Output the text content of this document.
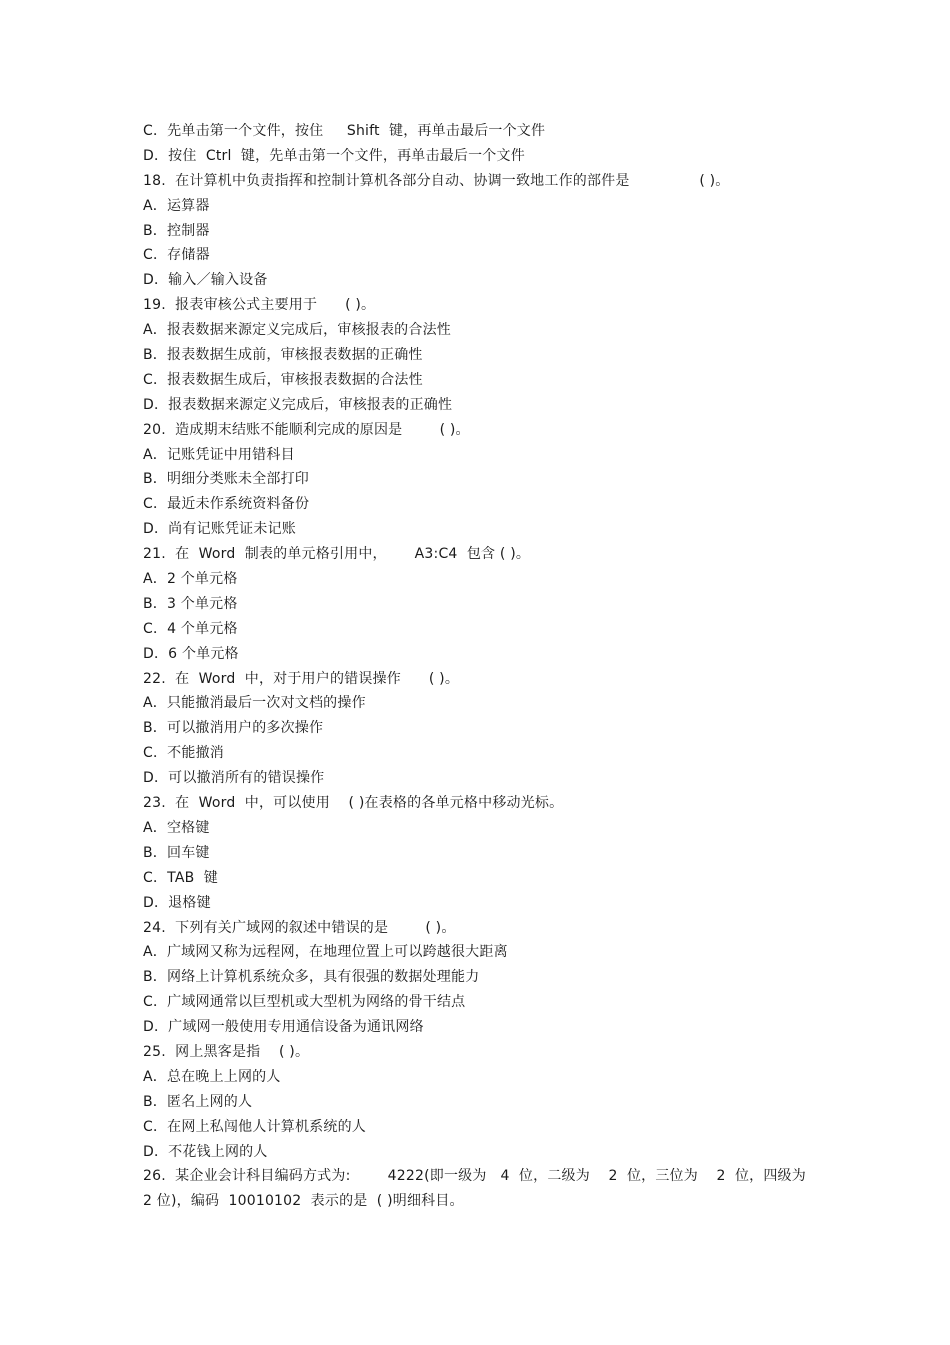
C．先单击第一个文件，按住　  Shift  键，再单击最后一个文件
D．按住  Ctrl  键，先单击第一个文件，再单击最后一个文件
18.  在计算机中负责指挥和控制计算机各部分自动、协调一致地工作的部件是               ( )。
A．运算器
B．控制器
C．存储器
D．输入／输入设备
19.  报表审核公式主要用于      ( )。
A．报表数据来源定义完成后，审核报表的合法性
B．报表数据生成前，审核报表数据的正确性
C．报表数据生成后，审核报表数据的合法性
D．报表数据来源定义完成后，审核报表的正确性
20.  造成期末结账不能顺利完成的原因是        ( )。
A．记账凭证中用错科目
B．明细分类账未全部打印
C．最近未作系统资料备份
D．尚有记账凭证未记账
21.  在  Word  制表的单元格引用中，      A3:C4  包含 ( )。
A．2 个单元格
B．3 个单元格
C．4 个单元格
D．6 个单元格
22.  在  Word  中，对于用户的错误操作      ( )。
A．只能撤消最后一次对文档的操作
B．可以撤消用户的多次操作
C．不能撤消
D．可以撤消所有的错误操作
23.  在  Word  中，可以使用    ( )在表格的各单元格中移动光标。
A．空格键
B．回车键
C．TAB  键
D．退格键
24.  下列有关广域网的叙述中错误的是        ( )。
A．广域网又称为远程网，在地理位置上可以跨越很大距离
B．网络上计算机系统众多，具有很强的数据处理能力
C．广域网通常以巨型机或大型机为网络的骨干结点
D．广域网一般使用专用通信设备为通讯网络
25.  网上黑客是指    ( )。
A．总在晚上上网的人
B．匿名上网的人
C．在网上私闯他人计算机系统的人
D．不花钱上网的人
26.  某企业会计科目编码方式为:        4222(即一级为   4  位，二级为    2  位，三位为    2  位，四级为
2 位)，编码  10010102  表示的是  ( )明细科目。
